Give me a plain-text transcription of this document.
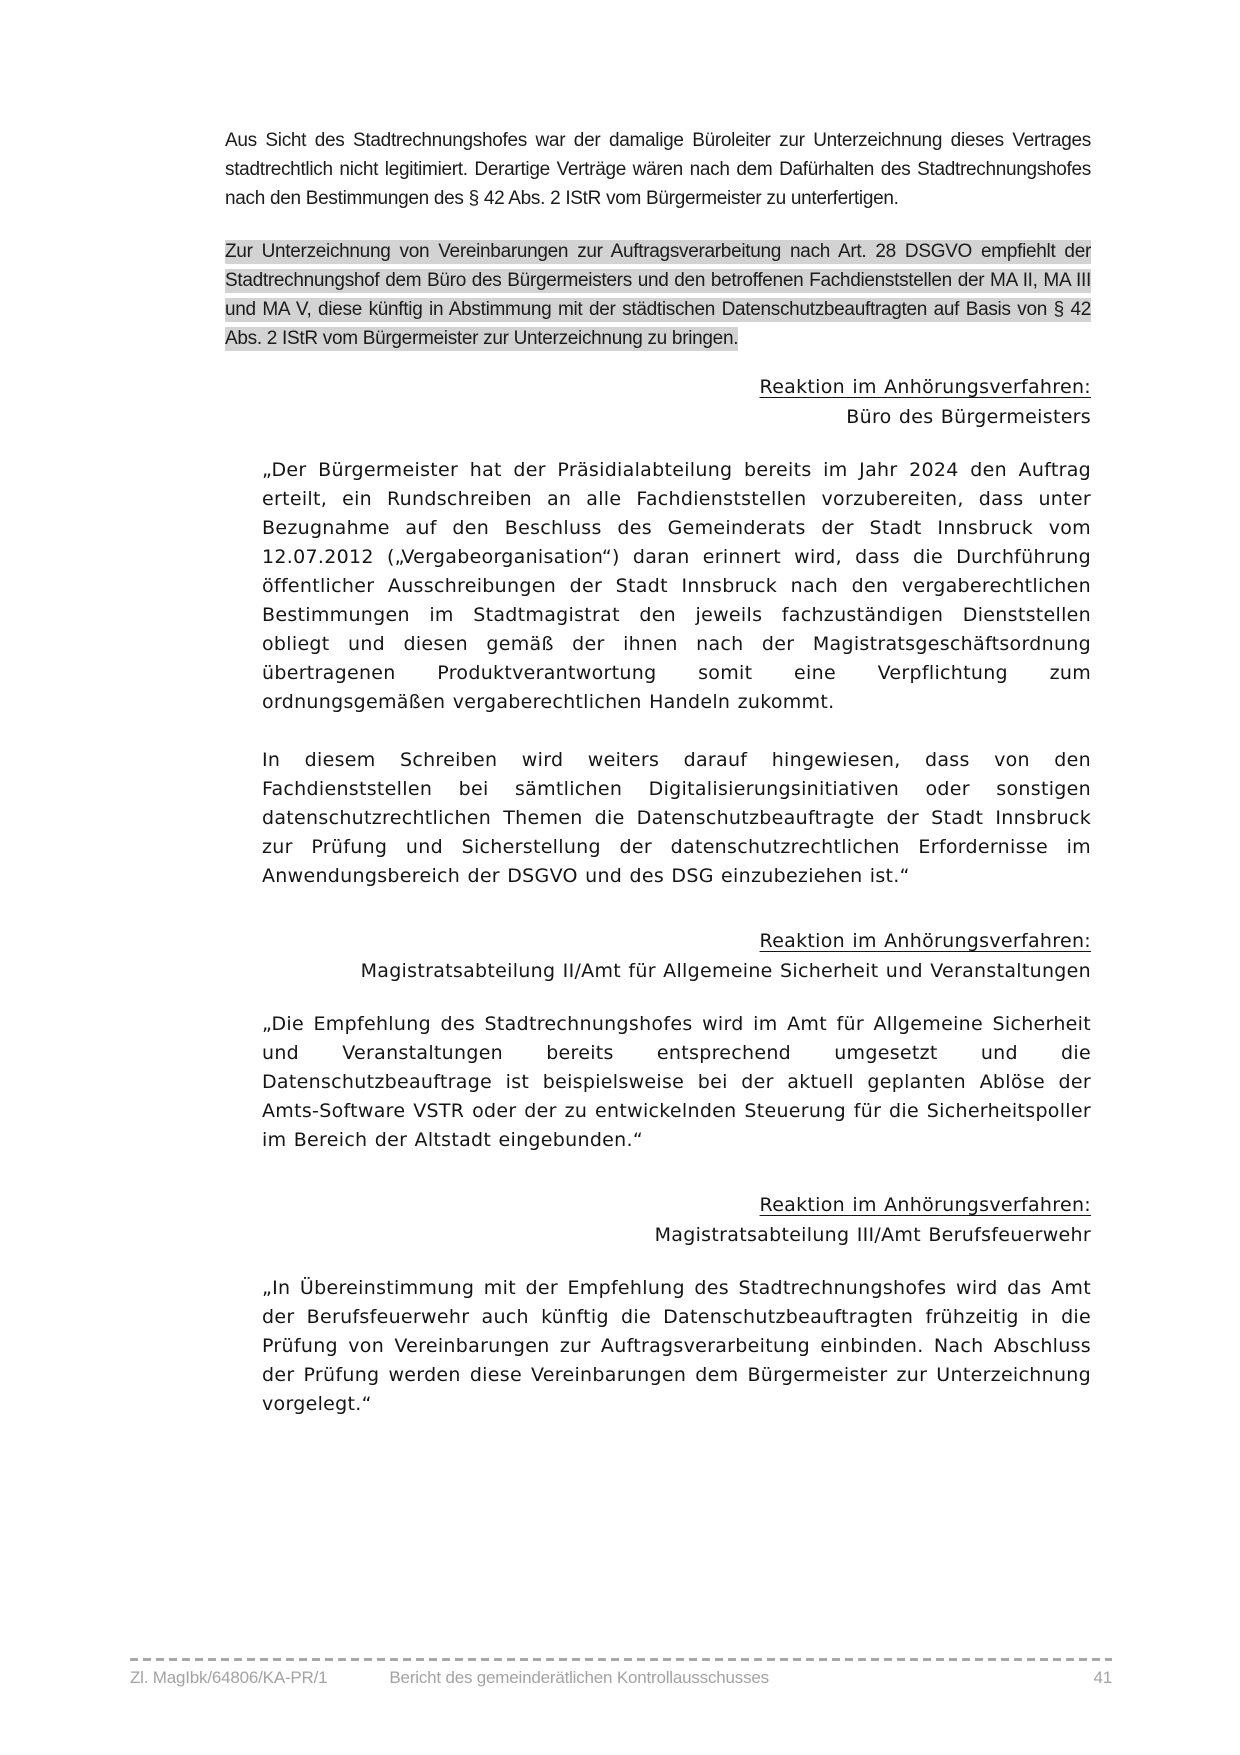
Aus Sicht des Stadtrechnungshofes war der damalige Büroleiter zur Unterzeichnung dieses Vertrages stadtrechtlich nicht legitimiert. Derartige Verträge wären nach dem Dafürhalten des Stadtrechnungshofes nach den Bestimmungen des § 42 Abs. 2 IStR vom Bürgermeister zu unterfertigen.

Zur Unterzeichnung von Vereinbarungen zur Auftragsverarbeitung nach Art. 28 DSGVO empfiehlt der Stadtrechnungshof dem Büro des Bürgermeisters und den betroffenen Fachdienststellen der MA II, MA III und MA V, diese künftig in Abstimmung mit der städtischen Datenschutzbeauftragten auf Basis von § 42 Abs. 2 IStR vom Bürgermeister zur Unterzeichnung zu bringen.

Reaktion im Anhörungsverfahren:
Büro des Bürgermeisters

„Der Bürgermeister hat der Präsidialabteilung bereits im Jahr 2024 den Auftrag erteilt, ein Rundschreiben an alle Fachdienststellen vorzubereiten, dass unter Bezugnahme auf den Beschluss des Gemeinderats der Stadt Innsbruck vom 12.07.2012 („Vergabeorganisation“) daran erinnert wird, dass die Durchführung öffentlicher Ausschreibungen der Stadt Innsbruck nach den vergaberechtlichen Bestimmungen im Stadtmagistrat den jeweils fachzuständigen Dienststellen obliegt und diesen gemäß der ihnen nach der Magistratsgeschäftsordnung übertragenen Produktverantwortung somit eine Verpflichtung zum ordnungsgemäßen vergaberechtlichen Handeln zukommt.

In diesem Schreiben wird weiters darauf hingewiesen, dass von den Fachdienststellen bei sämtlichen Digitalisierungsinitiativen oder sonstigen datenschutzrechtlichen Themen die Datenschutzbeauftragte der Stadt Innsbruck zur Prüfung und Sicherstellung der datenschutzrechtlichen Erfordernisse im Anwendungsbereich der DSGVO und des DSG einzubeziehen ist.“

Reaktion im Anhörungsverfahren:
Magistratsabteilung II/Amt für Allgemeine Sicherheit und Veranstaltungen

„Die Empfehlung des Stadtrechnungshofes wird im Amt für Allgemeine Sicherheit und Veranstaltungen bereits entsprechend umgesetzt und die Datenschutzbeauftrage ist beispielsweise bei der aktuell geplanten Ablöse der Amts-Software VSTR oder der zu entwickelnden Steuerung für die Sicherheitspoller im Bereich der Altstadt eingebunden.“

Reaktion im Anhörungsverfahren:
Magistratsabteilung III/Amt Berufsfeuerwehr

„In Übereinstimmung mit der Empfehlung des Stadtrechnungshofes wird das Amt der Berufsfeuerwehr auch künftig die Datenschutzbeauftragten frühzeitig in die Prüfung von Vereinbarungen zur Auftragsverarbeitung einbinden. Nach Abschluss der Prüfung werden diese Vereinbarungen dem Bürgermeister zur Unterzeichnung vorgelegt.“

Zl. MagIbk/64806/KA-PR/1	Bericht des gemeinderätlichen Kontrollausschusses	41
